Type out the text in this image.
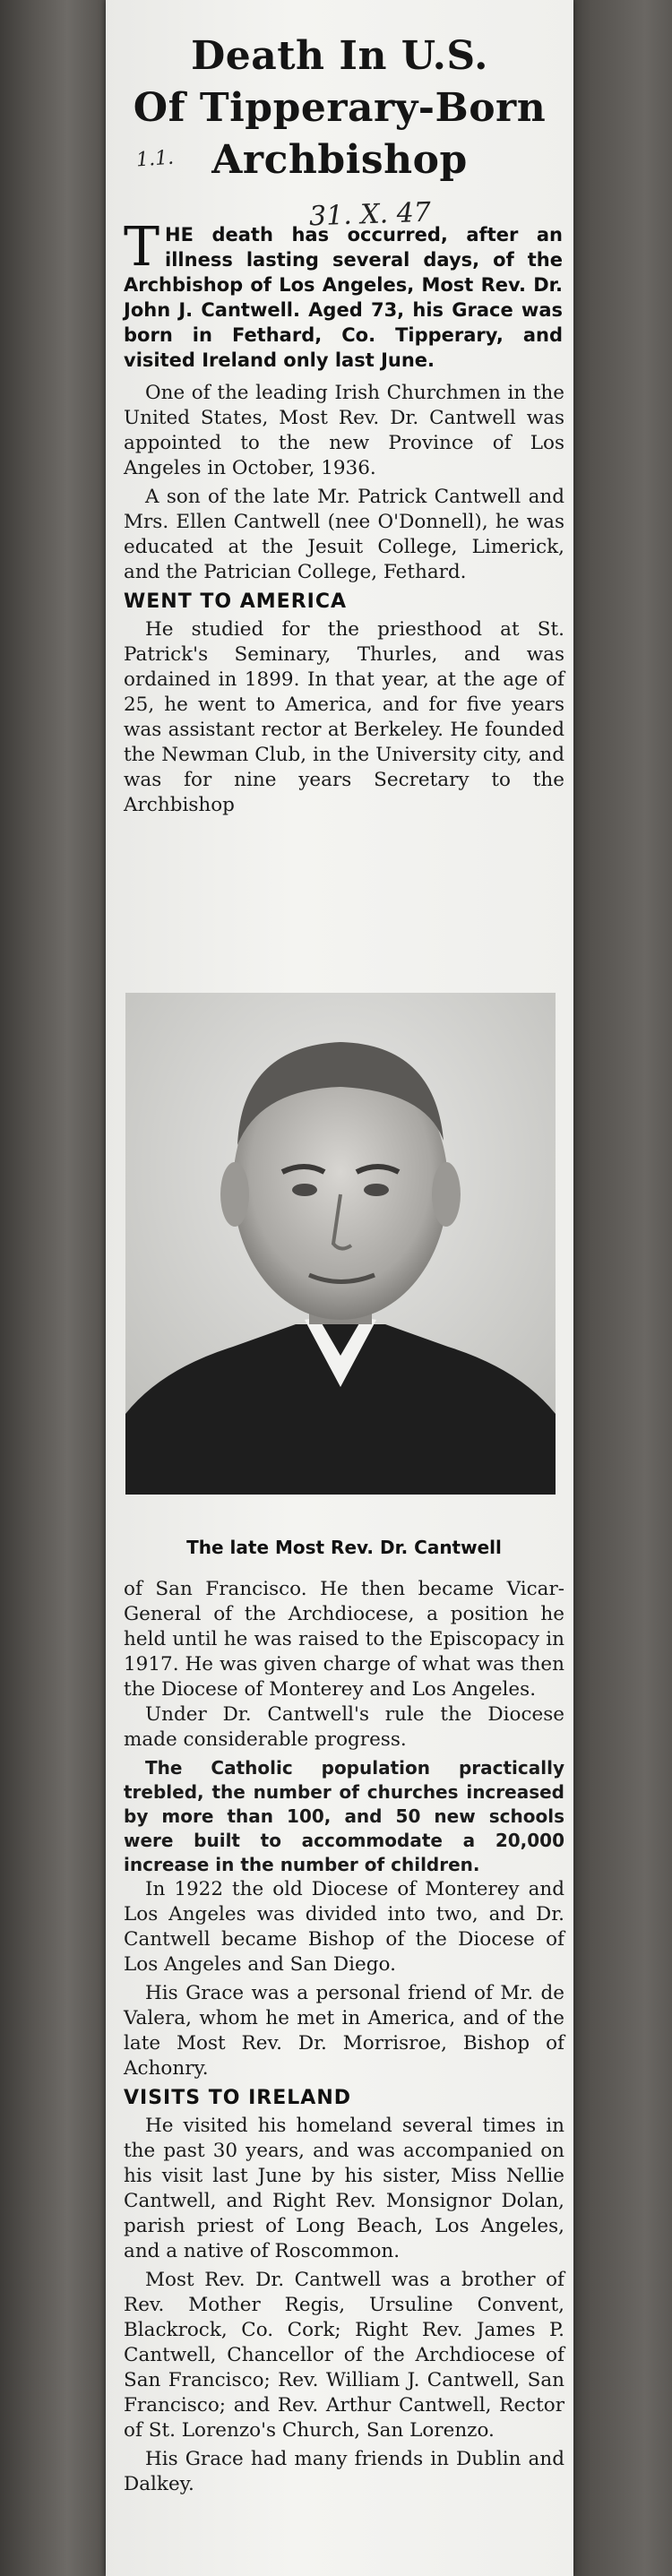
Death In U.S.
Of Tipperary-Born
Archbishop
1.1.
31. X. 47
THE death has occurred, after an illness lasting several days, of the Archbishop of Los Angeles, Most Rev. Dr. John J. Cantwell. Aged 73, his Grace was born in Fethard, Co. Tipperary, and visited Ireland only last June.

One of the leading Irish Churchmen in the United States, Most Rev. Dr. Cantwell was appointed to the new Province of Los Angeles in October, 1936.

A son of the late Mr. Patrick Cantwell and Mrs. Ellen Cantwell (nee O'Donnell), he was educated at the Jesuit College, Limerick, and the Patrician College, Fethard.

WENT TO AMERICA

He studied for the priesthood at St. Patrick's Seminary, Thurles, and was ordained in 1899. In that year, at the age of 25, he went to America, and for five years was assistant rector at Berkeley. He founded the Newman Club, in the University city, and was for nine years Secretary to the Archbishop

The late Most Rev. Dr. Cantwell

of San Francisco. He then became Vicar-General of the Archdiocese, a position he held until he was raised to the Episcopacy in 1917. He was given charge of what was then the Diocese of Monterey and Los Angeles.

Under Dr. Cantwell's rule the Diocese made considerable progress.

The Catholic population practically trebled, the number of churches increased by more than 100, and 50 new schools were built to accommodate a 20,000 increase in the number of children.

In 1922 the old Diocese of Monterey and Los Angeles was divided into two, and Dr. Cantwell became Bishop of the Diocese of Los Angeles and San Diego.

His Grace was a personal friend of Mr. de Valera, whom he met in America, and of the late Most Rev. Dr. Morrisroe, Bishop of Achonry.

VISITS TO IRELAND

He visited his homeland several times in the past 30 years, and was accompanied on his visit last June by his sister, Miss Nellie Cantwell, and Right Rev. Monsignor Dolan, parish priest of Long Beach, Los Angeles, and a native of Roscommon.

Most Rev. Dr. Cantwell was a brother of Rev. Mother Regis, Ursuline Convent, Blackrock, Co. Cork; Right Rev. James P. Cantwell, Chancellor of the Archdiocese of San Francisco; Rev. William J. Cantwell, San Francisco; and Rev. Arthur Cantwell, Rector of St. Lorenzo's Church, San Lorenzo.

His Grace had many friends in Dublin and Dalkey.
